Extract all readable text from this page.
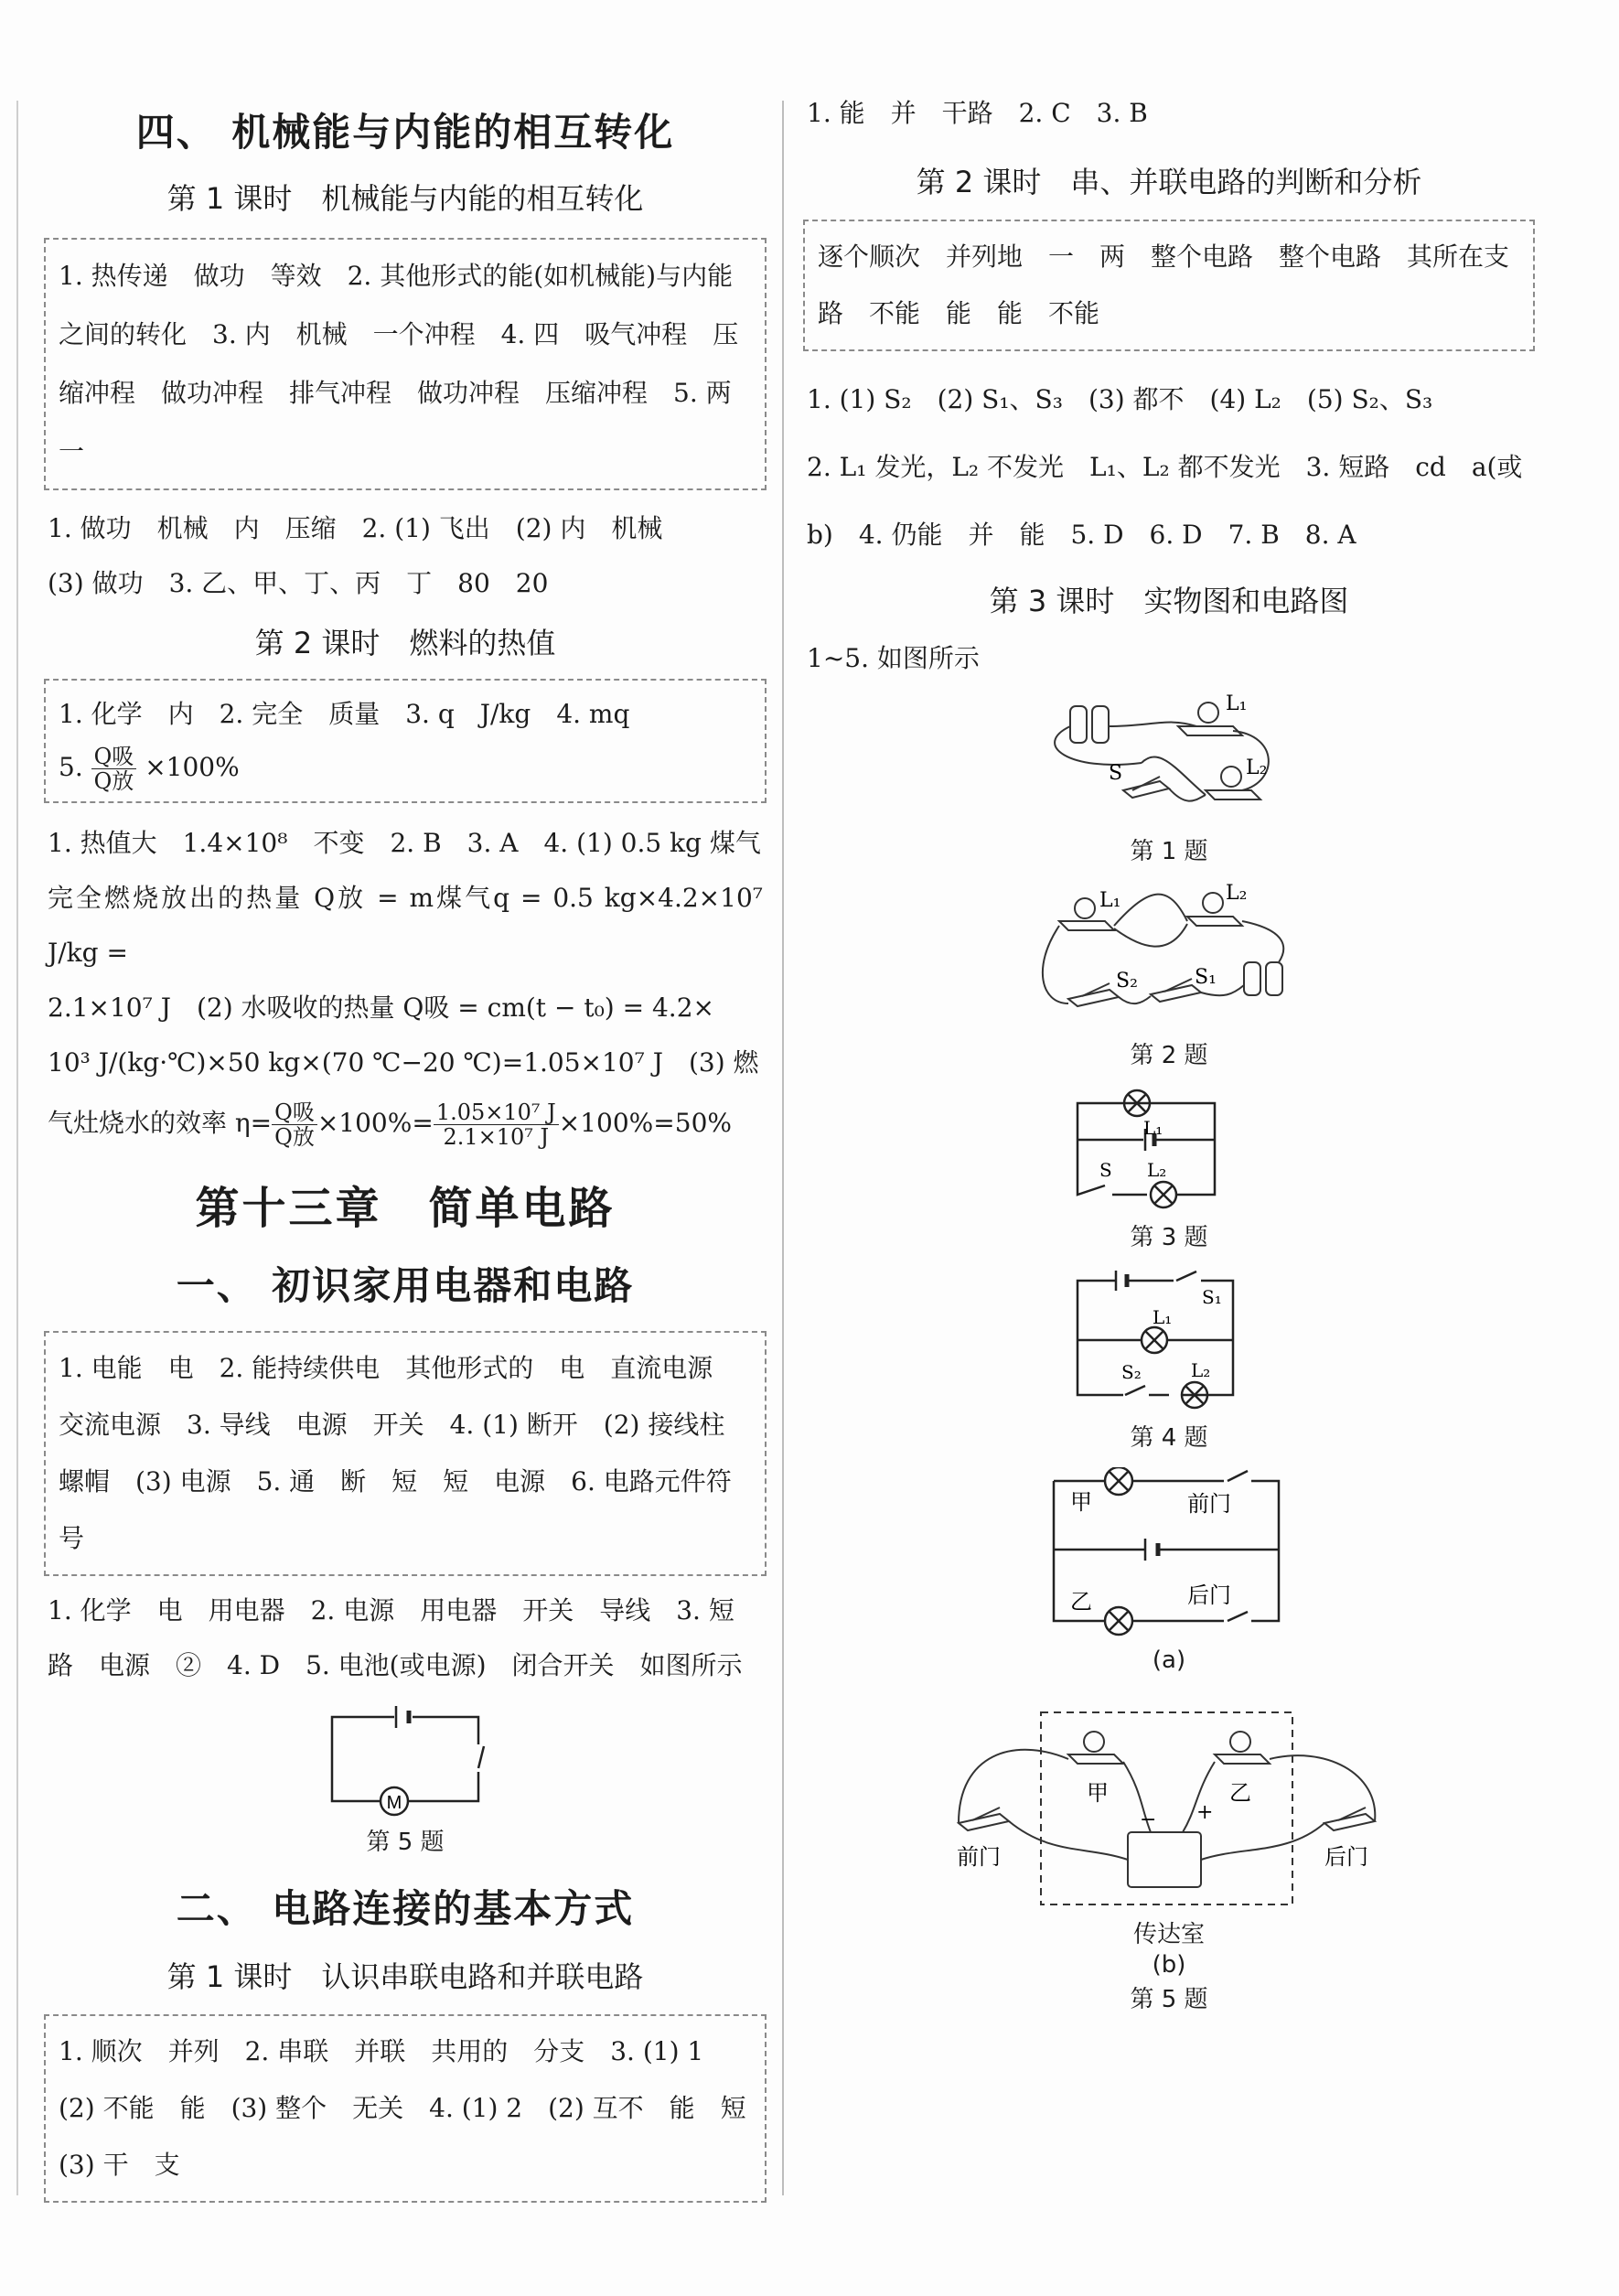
四、 机械能与内能的相互转化
第 1 课时　机械能与内能的相互转化
1. 热传递　做功　等效　2. 其他形式的能(如机械能)与内能之间的转化　3. 内　机械　一个冲程　4. 四　吸气冲程　压缩冲程　做功冲程　排气冲程　做功冲程　压缩冲程　5. 两　一
1. 做功　机械　内　压缩　2. (1) 飞出　(2) 内　机械
(3) 做功　3. 乙、甲、丁、丙　丁　80　20
第 2 课时　燃料的热值
1. 化学　内　2. 完全　质量　3. q　J/kg　4. mq
5. $\frac{\text{Q吸}}{\text{Q放}} \times 100\%$
1. 热值大　1.4×10⁸　不变　2. B　3. A　4. (1) 0.5 kg 煤气
完全燃烧放出的热量 Q放 = m煤气q = 0.5 kg×4.2×10⁷ J/kg =
2.1×10⁷ J　(2) 水吸收的热量 Q吸 = cm(t − t₀) = 4.2×
10³ J/(kg·℃)×50 kg×(70 ℃−20 ℃)=1.05×10⁷ J　(3) 燃
气灶烧水的效率 $\eta= \frac{\text{Q吸}}{\text{Q放}} \times 100\%= \frac{\text{1.05×10⁷ J}}{\text{2.1×10⁷ J}} \times 100\%=50\%$
第十三章　简单电路
一、 初识家用电器和电路
1. 电能　电　2. 能持续供电　其他形式的　电　直流电源　交流电源　3. 导线　电源　开关　4. (1) 断开　(2) 接线柱　螺帽　(3) 电源　5. 通　断　短　短　电源　6. 电路元件符号
1. 化学　电　用电器　2. 电源　用电器　开关　导线　3. 短
路　电源　②　4. D　5. 电池(或电源)　闭合开关　如图所示
M
第 5 题
二、 电路连接的基本方式
第 1 课时　认识串联电路和并联电路
1. 顺次　并列　2. 串联　并联　共用的　分支　3. (1) 1　(2) 不能　能　(3) 整个　无关　4. (1) 2　(2) 互不　能　短　(3) 干　支
1. 能　并　干路　2. C　3. B
第 2 课时　串、并联电路的判断和分析
逐个顺次　并列地　一　两　整个电路　整个电路　其所在支路　不能　能　能　不能
1. (1) S₂　(2) S₁、S₃　(3) 都不　(4) L₂　(5) S₂、S₃
2. L₁ 发光，L₂ 不发光　L₁、L₂ 都不发光　3. 短路　cd　a(或
b)　4. 仍能　并　能　5. D　6. D　7. B　8. A
第 3 课时　实物图和电路图
1~5. 如图所示
L₁
L₂
S
第 1 题
L₁	L₂
S₁
S₂
第 2 题
L₁
L₂
S
第 3 题
L₁
L₂
S₁
S₂
第 4 题
甲	前门
乙	后门
(a)
甲	乙
前门	后门
− +
传达室
(b)
第 5 题
